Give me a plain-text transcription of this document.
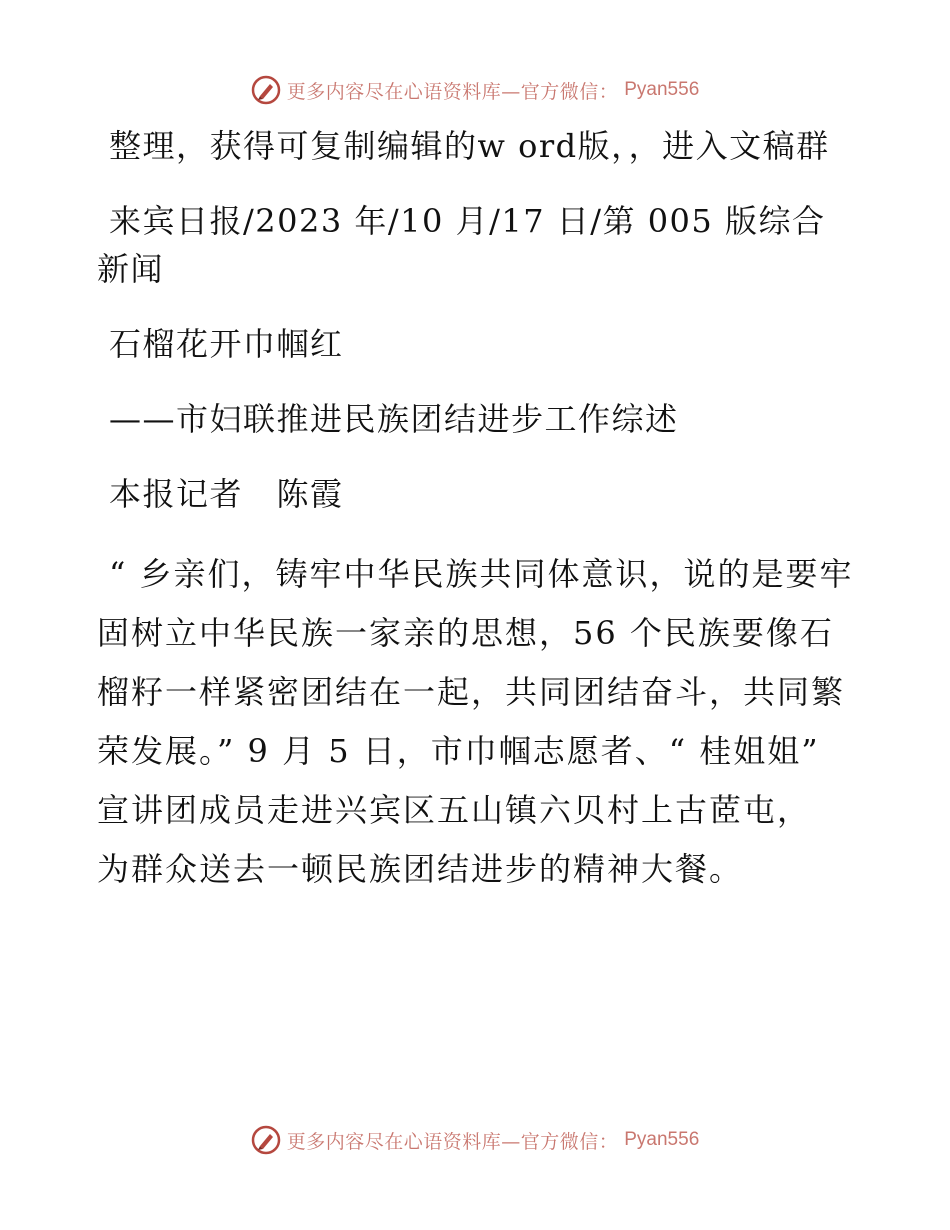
更多内容尽在心语资料库—官方微信： Pyan556

整理，获得可复制编辑的w ord版，，进入文稿群

来宾日报/2023 年/10 月/17 日/第 005 版综合新闻

石榴花开巾帼红

——市妇联推进民族团结进步工作综述

本报记者　陈霞

“ 乡亲们，铸牢中华民族共同体意识，说的是要牢固树立中华民族一家亲的思想，56 个民族要像石榴籽一样紧密团结在一起，共同团结奋斗，共同繁荣发展。” 9 月 5 日，市巾帼志愿者、“ 桂姐姐” 宣讲团成员走进兴宾区五山镇六贝村上古茝屯， 为群众送去一顿民族团结进步的精神大餐。

更多内容尽在心语资料库—官方微信： Pyan556
